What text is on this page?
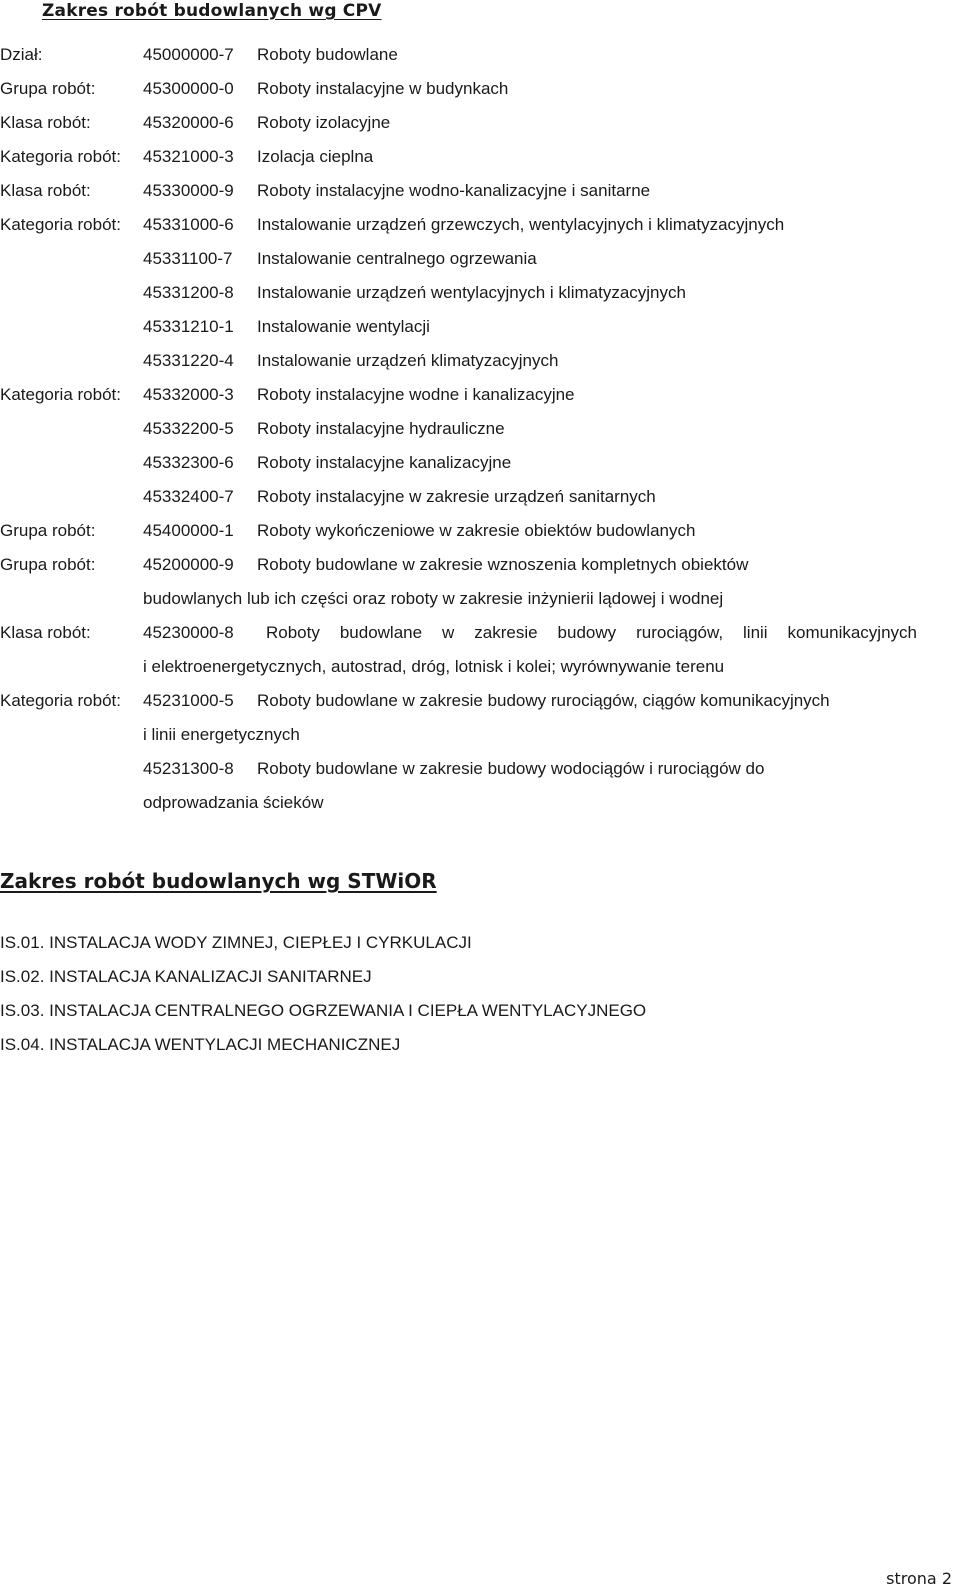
Zakres robót budowlanych wg CPV
Dział:	45000000-7 Roboty budowlane
Grupa robót:	45300000-0 Roboty instalacyjne w budynkach
Klasa robót:	45320000-6 Roboty izolacyjne
Kategoria robót: 45321000-3 Izolacja cieplna
Klasa robót:	45330000-9 Roboty instalacyjne wodno-kanalizacyjne i sanitarne
Kategoria robót: 45331000-6 Instalowanie urządzeń grzewczych, wentylacyjnych i klimatyzacyjnych
45331100-7 Instalowanie centralnego ogrzewania
45331200-8 Instalowanie urządzeń wentylacyjnych i klimatyzacyjnych
45331210-1 Instalowanie wentylacji
45331220-4 Instalowanie urządzeń klimatyzacyjnych
Kategoria robót: 45332000-3 Roboty instalacyjne wodne i kanalizacyjne
45332200-5 Roboty instalacyjne hydrauliczne
45332300-6 Roboty instalacyjne kanalizacyjne
45332400-7 Roboty instalacyjne w zakresie urządzeń sanitarnych
Grupa robót:	45400000-1 Roboty wykończeniowe w zakresie obiektów budowlanych
Grupa robót:	45200000-9 Roboty budowlane w zakresie wznoszenia kompletnych obiektów
budowlanych lub ich części oraz roboty w zakresie inżynierii lądowej i wodnej
Klasa robót:	45230000-8 Roboty budowlane w zakresie budowy rurociągów, linii komunikacyjnych
i elektroenergetycznych, autostrad, dróg, lotnisk i kolei; wyrównywanie terenu
Kategoria robót: 45231000-5 Roboty budowlane w zakresie budowy rurociągów, ciągów komunikacyjnych
i linii energetycznych
45231300-8 Roboty budowlane w zakresie budowy wodociągów i rurociągów do
odprowadzania ścieków
Zakres robót budowlanych wg STWiOR
IS.01. INSTALACJA WODY ZIMNEJ, CIEPŁEJ I CYRKULACJI
IS.02. INSTALACJA KANALIZACJI SANITARNEJ
IS.03. INSTALACJA CENTRALNEGO OGRZEWANIA I CIEPŁA WENTYLACYJNEGO
IS.04. INSTALACJA WENTYLACJI MECHANICZNEJ
strona 2
